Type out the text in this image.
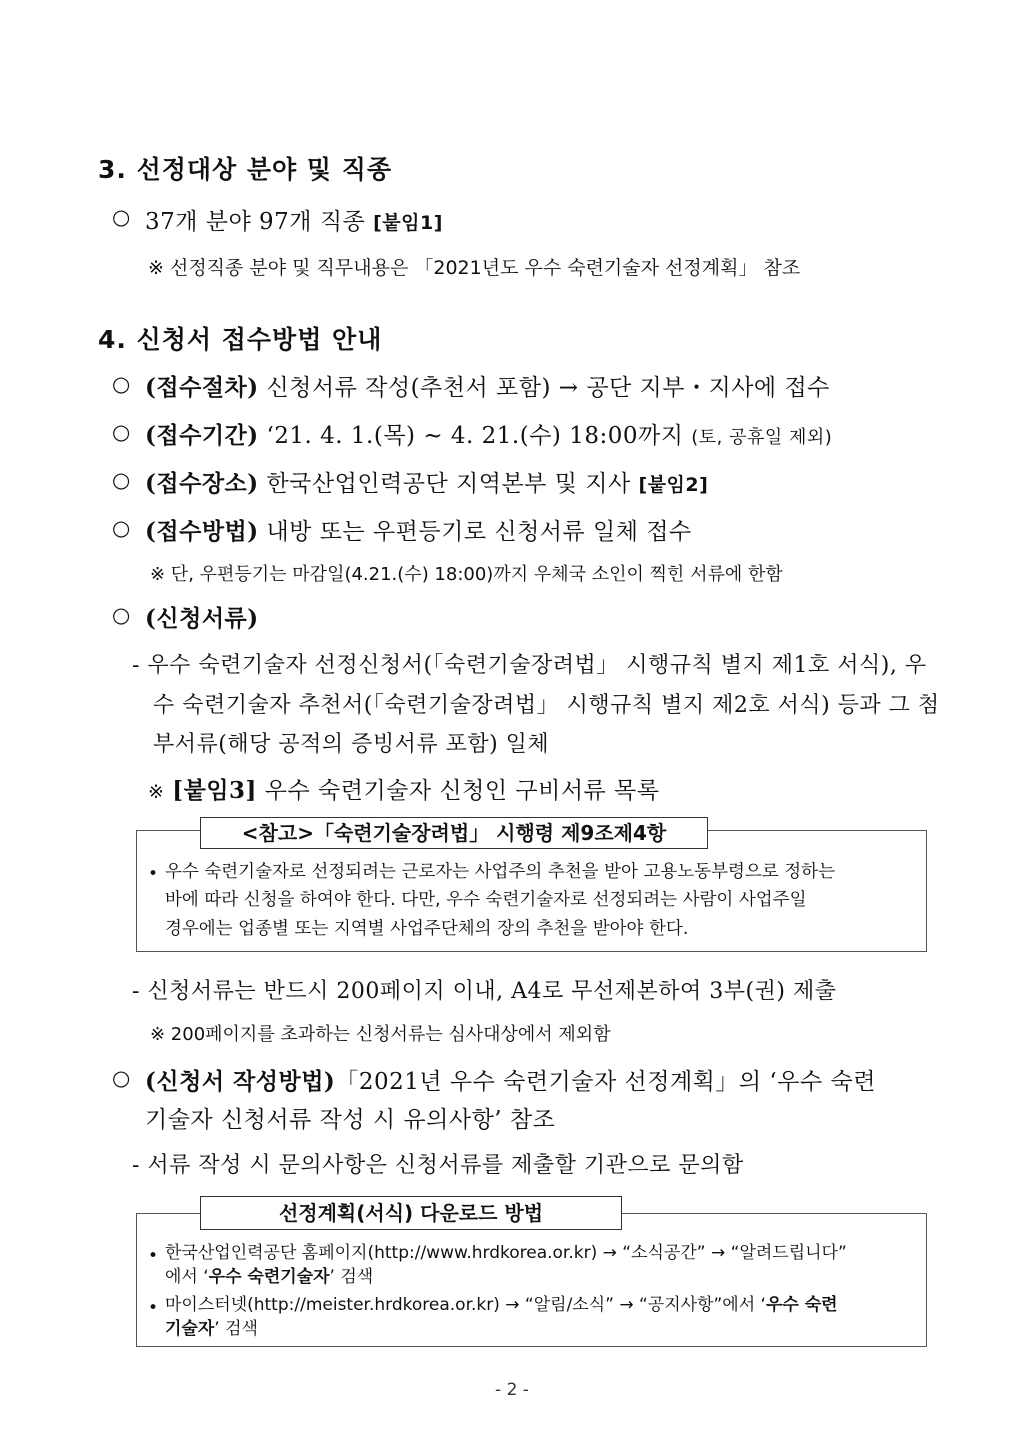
3. 선정대상 분야 및 직종
○ 37개 분야 97개 직종 [붙임1]
※ 선정직종 분야 및 직무내용은 「2021년도 우수 숙련기술자 선정계획」 참조
4. 신청서 접수방법 안내
○ (접수절차) 신청서류 작성(추천서 포함) → 공단 지부・지사에 접수
○ (접수기간) ‘21. 4. 1.(목) ~ 4. 21.(수) 18:00까지 (토, 공휴일 제외)
○ (접수장소) 한국산업인력공단 지역본부 및 지사 [붙임2]
○ (접수방법) 내방 또는 우편등기로 신청서류 일체 접수
※ 단, 우편등기는 마감일(4.21.(수) 18:00)까지 우체국 소인이 찍힌 서류에 한함
○ (신청서류)
- 우수 숙련기술자 선정신청서(「숙련기술장려법」 시행규칙 별지 제1호 서식), 우
수 숙련기술자 추천서(「숙련기술장려법」 시행규칙 별지 제2호 서식) 등과 그 첨
부서류(해당 공적의 증빙서류 포함) 일체
※ [붙임3] 우수 숙련기술자 신청인 구비서류 목록
<참고>「숙련기술장려법」 시행령 제9조제4항
• 우수 숙련기술자로 선정되려는 근로자는 사업주의 추천을 받아 고용노동부령으로 정하는
바에 따라 신청을 하여야 한다. 다만, 우수 숙련기술자로 선정되려는 사람이 사업주일
경우에는 업종별 또는 지역별 사업주단체의 장의 추천을 받아야 한다.
- 신청서류는 반드시 200페이지 이내, A4로 무선제본하여 3부(권) 제출
※ 200페이지를 초과하는 신청서류는 심사대상에서 제외함
○ (신청서 작성방법)「2021년 우수 숙련기술자 선정계획」의 ‘우수 숙련
기술자 신청서류 작성 시 유의사항’ 참조
- 서류 작성 시 문의사항은 신청서류를 제출할 기관으로 문의함
선정계획(서식) 다운로드 방법
• 한국산업인력공단 홈페이지(http://www.hrdkorea.or.kr) → “소식공간” → “알려드립니다”
에서 ‘우수 숙련기술자’ 검색
• 마이스터넷(http://meister.hrdkorea.or.kr) → “알림/소식” → “공지사항”에서 ‘우수 숙련
기술자’ 검색
- 2 -
